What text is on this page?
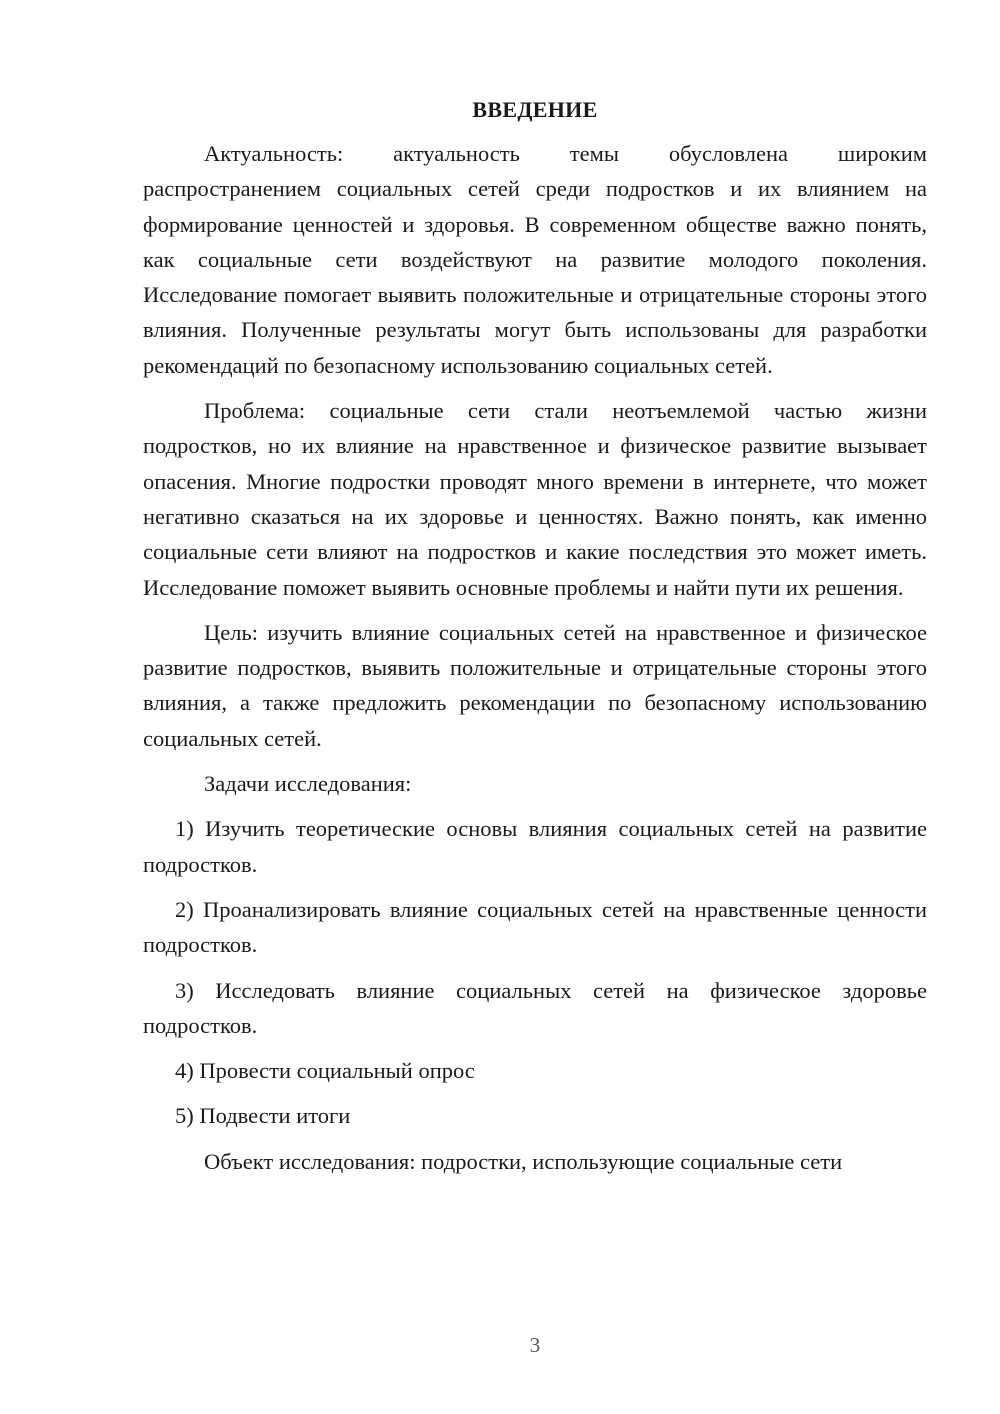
ВВЕДЕНИЕ

Актуальность: актуальность темы обусловлена широким распространением социальных сетей среди подростков и их влиянием на формирование ценностей и здоровья. В современном обществе важно понять, как социальные сети воздействуют на развитие молодого поколения. Исследование помогает выявить положительные и отрицательные стороны этого влияния. Полученные результаты могут быть использованы для разработки рекомендаций по безопасному использованию социальных сетей.

Проблема: социальные сети стали неотъемлемой частью жизни подростков, но их влияние на нравственное и физическое развитие вызывает опасения. Многие подростки проводят много времени в интернете, что может негативно сказаться на их здоровье и ценностях. Важно понять, как именно социальные сети влияют на подростков и какие последствия это может иметь. Исследование поможет выявить основные проблемы и найти пути их решения.

Цель: изучить влияние социальных сетей на нравственное и физическое развитие подростков, выявить положительные и отрицательные стороны этого влияния, а также предложить рекомендации по безопасному использованию социальных сетей.

Задачи исследования:

1) Изучить теоретические основы влияния социальных сетей на развитие подростков.

2) Проанализировать влияние социальных сетей на нравственные ценности подростков.

3) Исследовать влияние социальных сетей на физическое здоровье подростков.

4) Провести социальный опрос

5) Подвести итоги

Объект исследования: подростки, использующие социальные сети

3
